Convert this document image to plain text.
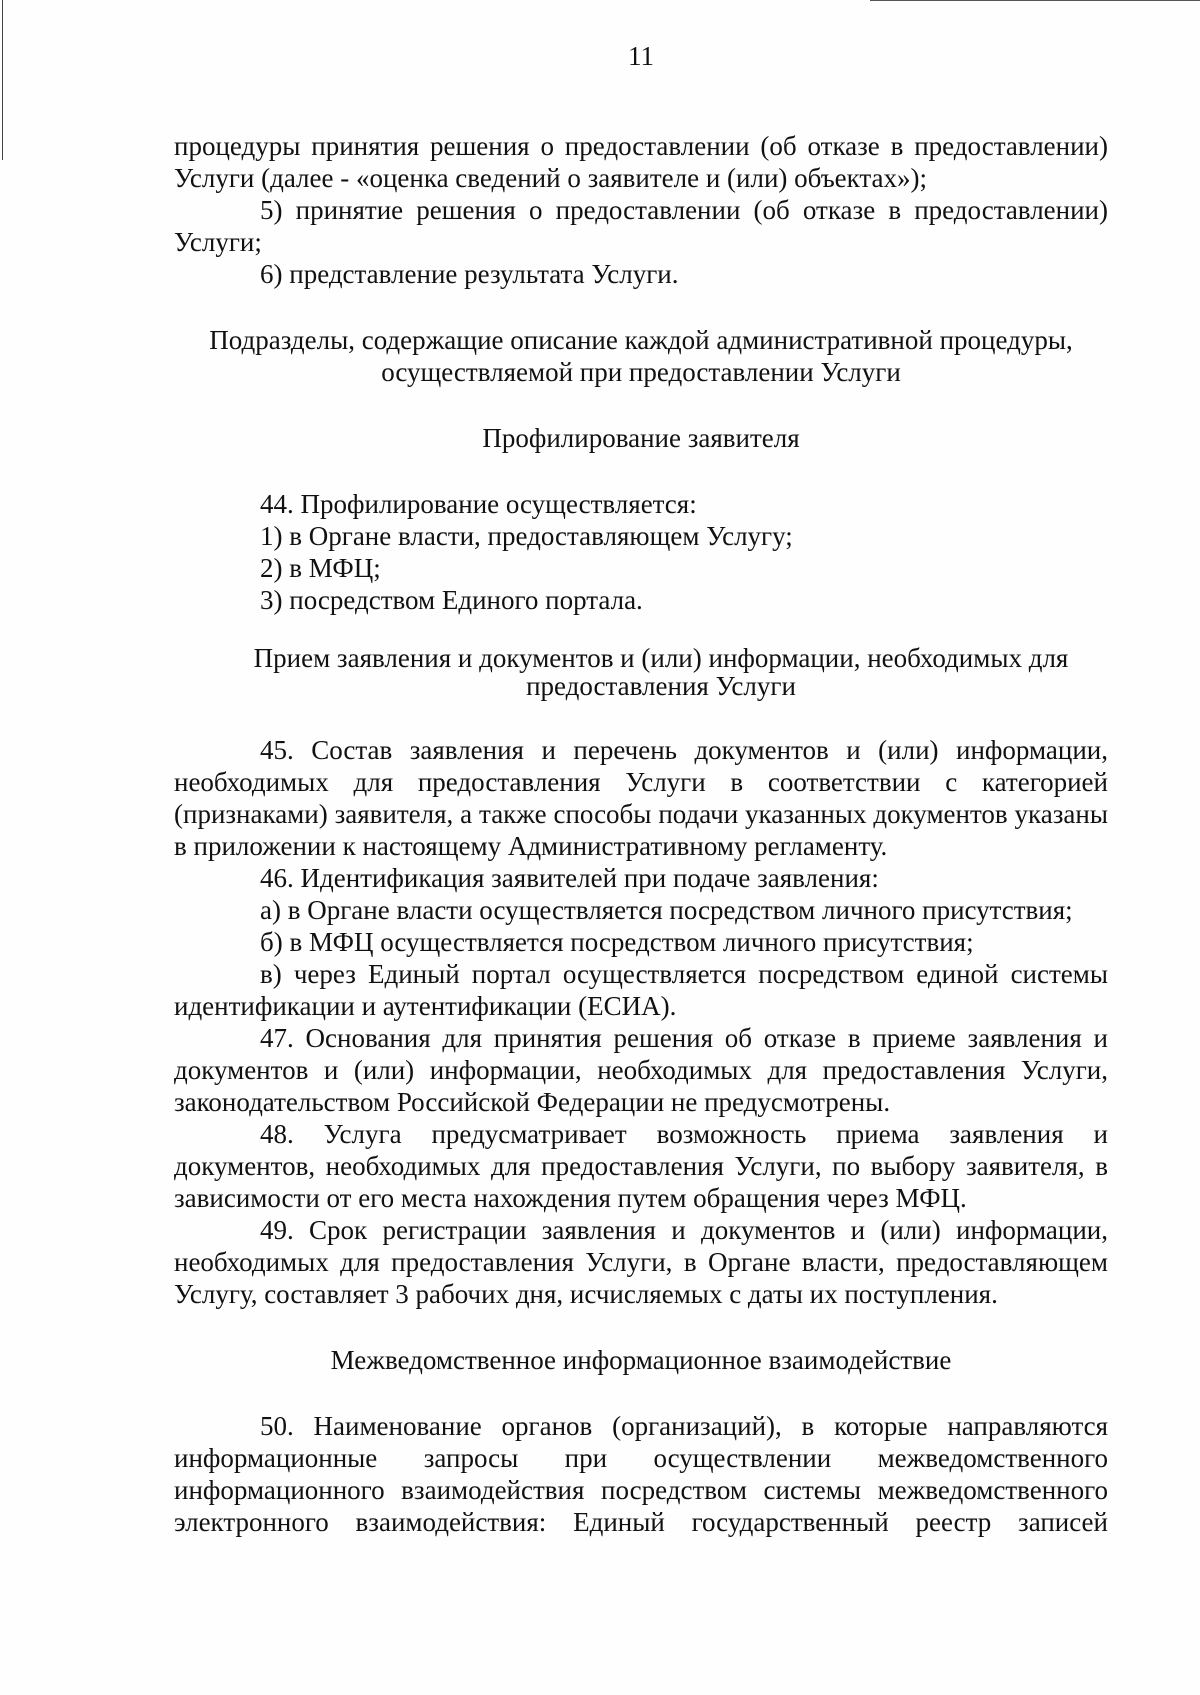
11

процедуры принятия решения о предоставлении (об отказе в предоставлении) Услуги (далее - «оценка сведений о заявителе и (или) объектах»);

5) принятие решения о предоставлении (об отказе в предоставлении) Услуги;

6) представление результата Услуги.

Подразделы, содержащие описание каждой административной процедуры, осуществляемой при предоставлении Услуги

Профилирование заявителя

44. Профилирование осуществляется:

1) в Органе власти, предоставляющем Услугу;

2) в МФЦ;

3) посредством Единого портала.

Прием заявления и документов и (или) информации, необходимых для предоставления Услуги

45. Состав заявления и перечень документов и (или) информации, необходимых для предоставления Услуги в соответствии с категорией (признаками) заявителя, а также способы подачи указанных документов указаны в приложении к настоящему Административному регламенту.

46. Идентификация заявителей при подаче заявления:

а) в Органе власти осуществляется посредством личного присутствия;

б) в МФЦ осуществляется посредством личного присутствия;

в) через Единый портал осуществляется посредством единой системы идентификации и аутентификации (ЕСИА).

47. Основания для принятия решения об отказе в приеме заявления и документов и (или) информации, необходимых для предоставления Услуги, законодательством Российской Федерации не предусмотрены.

48. Услуга предусматривает возможность приема заявления и документов, необходимых для предоставления Услуги, по выбору заявителя, в зависимости от его места нахождения путем обращения через МФЦ.

49. Срок регистрации заявления и документов и (или) информации, необходимых для предоставления Услуги, в Органе власти, предоставляющем Услугу, составляет 3 рабочих дня, исчисляемых с даты их поступления.

Межведомственное информационное взаимодействие

50. Наименование органов (организаций), в которые направляются информационные запросы при осуществлении межведомственного информационного взаимодействия посредством системы межведомственного электронного взаимодействия: Единый государственный реестр записей
